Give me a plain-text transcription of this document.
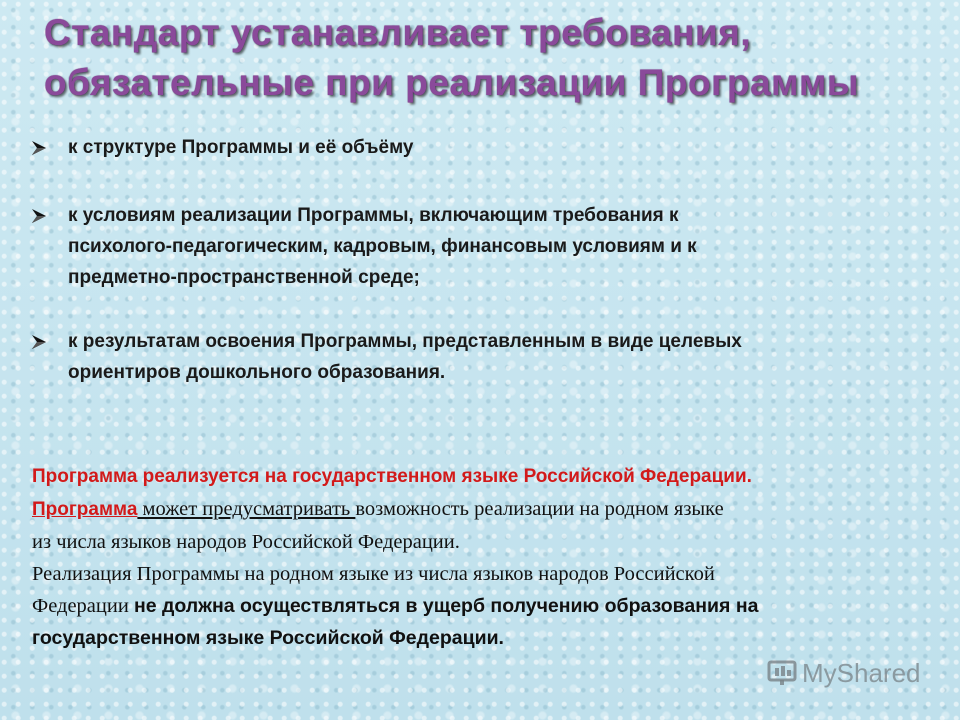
Стандарт устанавливает требования,
обязательные при реализации Программы
к структуре Программы и её объёму
к условиям реализации Программы, включающим требования к
психолого-педагогическим, кадровым, финансовым условиям и к
предметно-пространственной среде;
к результатам освоения Программы, представленным в виде целевых
ориентиров дошкольного образования.
Программа реализуется на государственном языке Российской Федерации.
Программа может предусматривать возможность реализации на родном языке
из числа языков народов Российской Федерации.
Реализация Программы на родном языке из числа языков народов Российской
Федерации не должна осуществляться в ущерб получению образования на
государственном языке Российской Федерации.
MyShared
